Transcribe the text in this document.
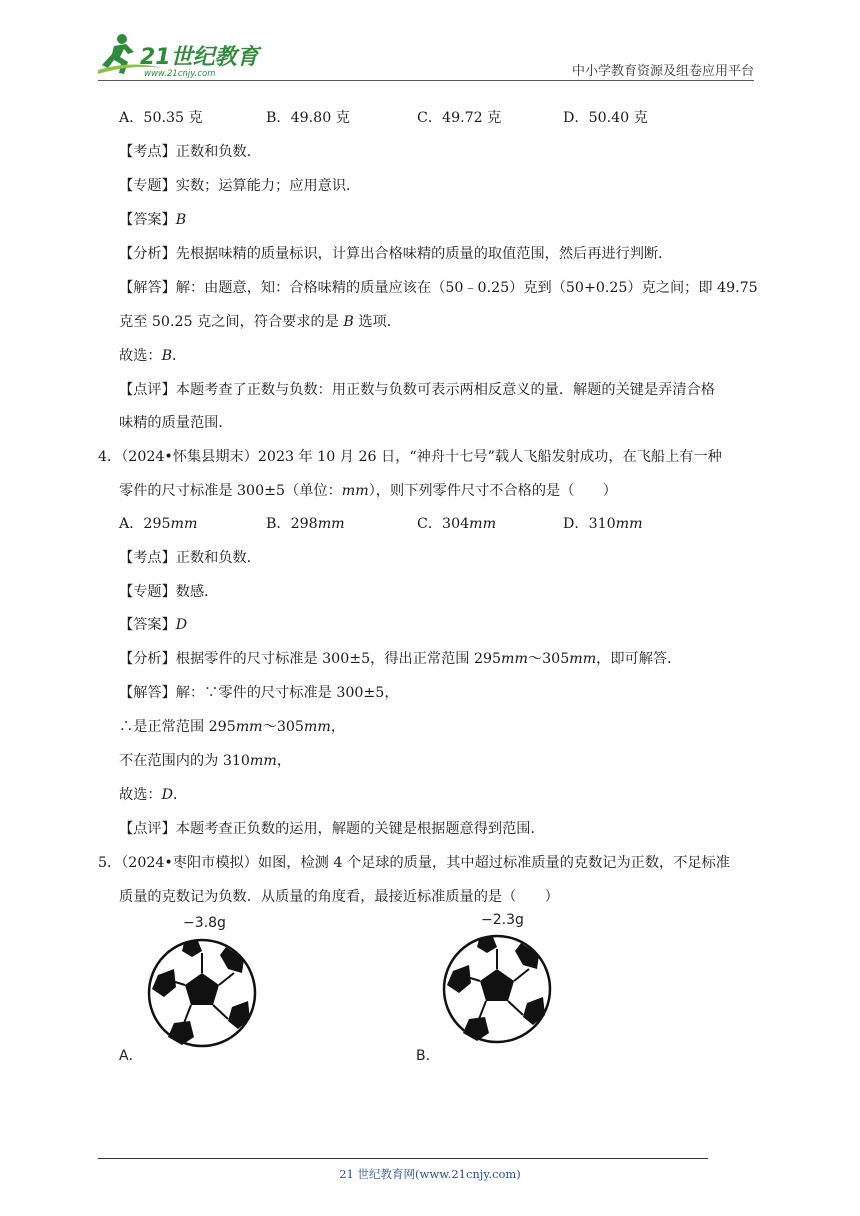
21世纪教育
www.21cnjy.com	中小学教育资源及组卷应用平台
A．50.35 克	B．49.80 克	C．49.72 克	D．50.40 克
【考点】正数和负数．
【专题】实数；运算能力；应用意识．
【答案】B
【分析】先根据味精的质量标识，计算出合格味精的质量的取值范围，然后再进行判断．
【解答】解：由题意，知：合格味精的质量应该在（50﹣0.25）克到（50+0.25）克之间；即 49.75
克至 50.25 克之间，符合要求的是 B 选项．
故选：B．
【点评】本题考查了正数与负数：用正数与负数可表示两相反意义的量．解题的关键是弄清合格
味精的质量范围．
4．（2024•怀集县期末）2023 年 10 月 26 日，“神舟十七号”载人飞船发射成功，在飞船上有一种
零件的尺寸标准是 300±5（单位：mm），则下列零件尺寸不合格的是（　　）
A．295mm	B．298mm	C．304mm	D．310mm
【考点】正数和负数．
【专题】数感．
【答案】D
【分析】根据零件的尺寸标准是 300±5，得出正常范围 295mm～305mm，即可解答．
【解答】解：∵零件的尺寸标准是 300±5，
∴是正常范围 295mm～305mm，
不在范围内的为 310mm，
故选：D．
【点评】本题考查正负数的运用，解题的关键是根据题意得到范围．
5．（2024•枣阳市模拟）如图，检测 4 个足球的质量，其中超过标准质量的克数记为正数，不足标准
质量的克数记为负数．从质量的角度看，最接近标准质量的是（　　）
−3.8g
A．
−2.3g
B．
21 世纪教育网(www.21cnjy.com)
